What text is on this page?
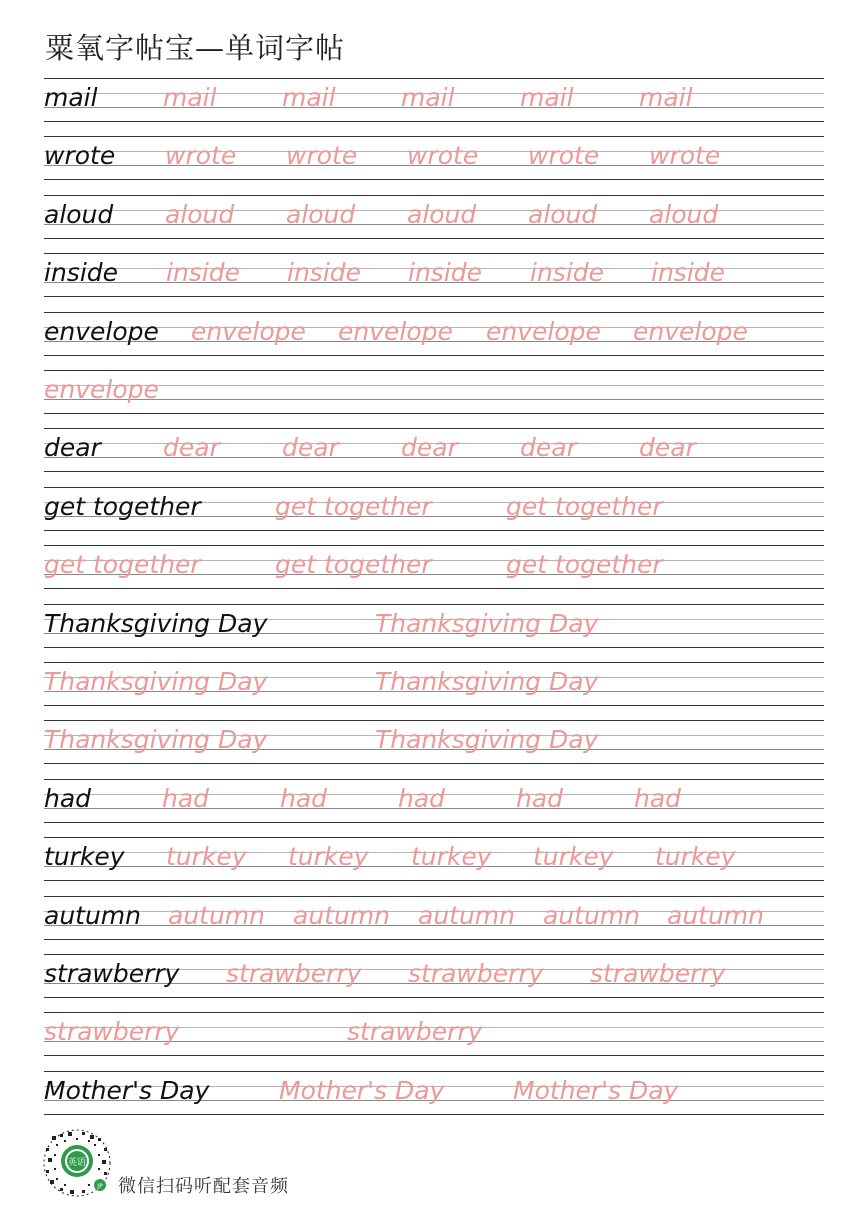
粟氧字帖宝—单词字帖
mail	mail	mail	mail	mail	mail
wrote wrote wrote wrote wrote wrote
aloud aloud aloud aloud aloud aloud
inside inside inside inside inside inside
envelope envelope envelope envelope envelope
envelope
dear dear dear dear dear dear
get together	get together	get together
get together	get together	get together
Thanksgiving Day	Thanksgiving Day
Thanksgiving Day	Thanksgiving Day
Thanksgiving Day	Thanksgiving Day
had	had	had	had	had	had
turkey turkey turkey turkey turkey turkey
autumn autumn autumn autumn autumn autumn
strawberry strawberry strawberry strawberry
strawberry	strawberry
Mother's Day	Mother's Day	Mother's Day
英语
JP 微信扫码听配套音频
